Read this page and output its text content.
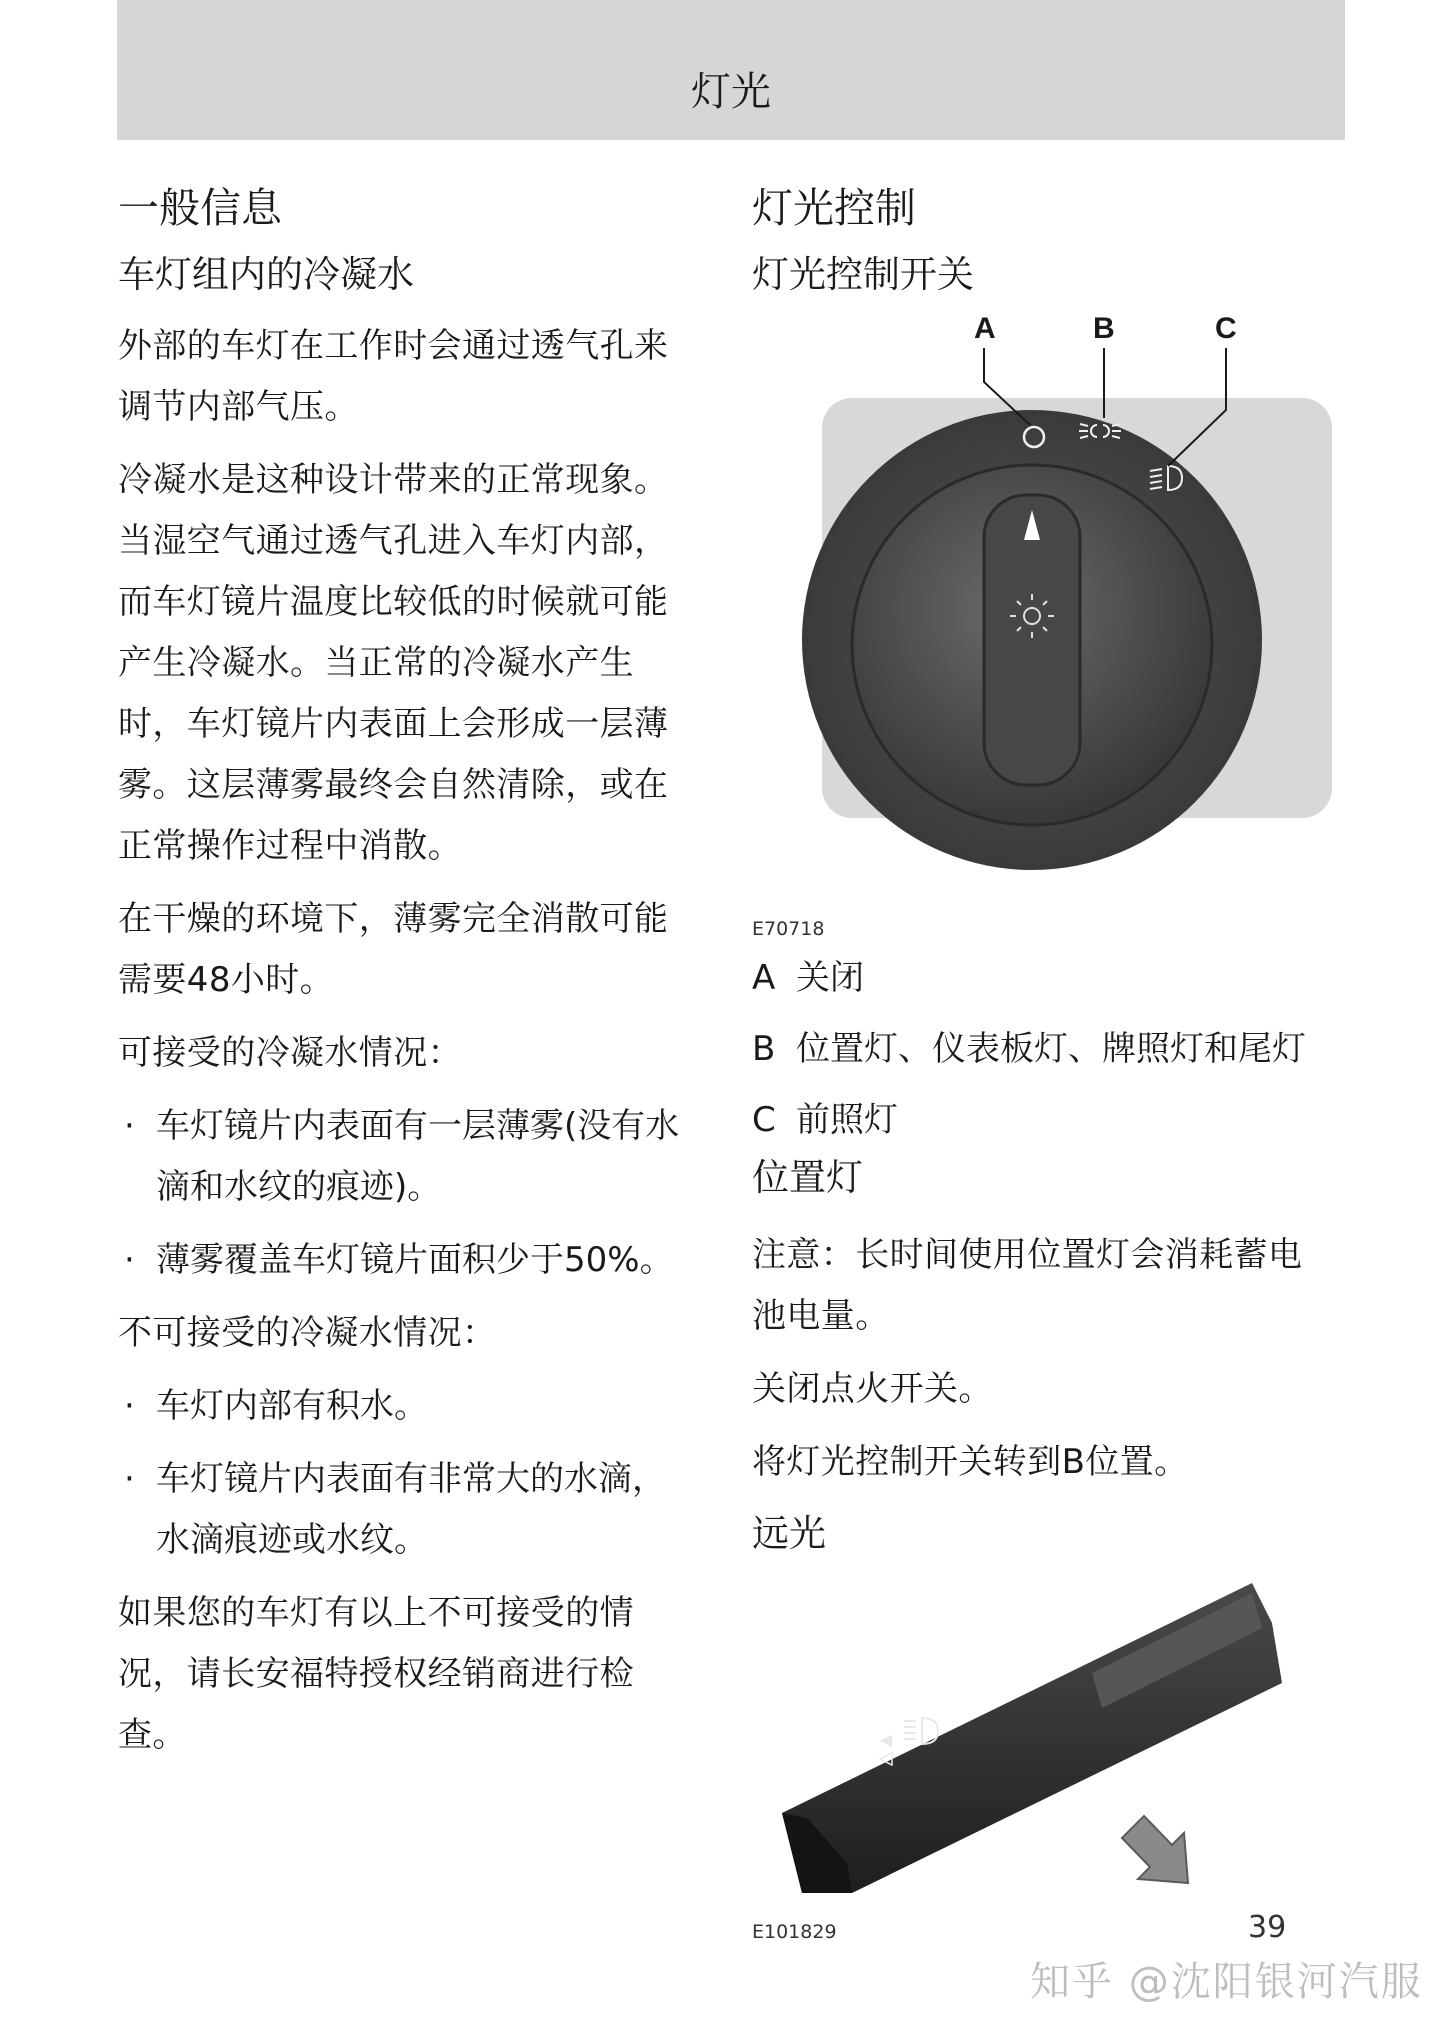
灯光
一般信息
车灯组内的冷凝水

外部的车灯在工作时会通过透气孔来
调节内部气压。

冷凝水是这种设计带来的正常现象。
当湿空气通过透气孔进入车灯内部，
而车灯镜片温度比较低的时候就可能
产生冷凝水。当正常的冷凝水产生
时，车灯镜片内表面上会形成一层薄
雾。这层薄雾最终会自然清除，或在
正常操作过程中消散。

在干燥的环境下，薄雾完全消散可能
需要48小时。

可接受的冷凝水情况：

· 车灯镜片内表面有一层薄雾(没有水
滴和水纹的痕迹)。

· 薄雾覆盖车灯镜片面积少于50%。

不可接受的冷凝水情况：

· 车灯内部有积水。

· 车灯镜片内表面有非常大的水滴，
水滴痕迹或水纹。

如果您的车灯有以上不可接受的情
况，请长安福特授权经销商进行检
查。

灯光控制
灯光控制开关
A	B	C
E70718
A 关闭
B 位置灯、仪表板灯、牌照灯和尾灯
C 前照灯
位置灯

注意：长时间使用位置灯会消耗蓄电
池电量。

关闭点火开关。

将灯光控制开关转到B位置。

远光
E101829	39
知乎 @沈阳银河汽服
